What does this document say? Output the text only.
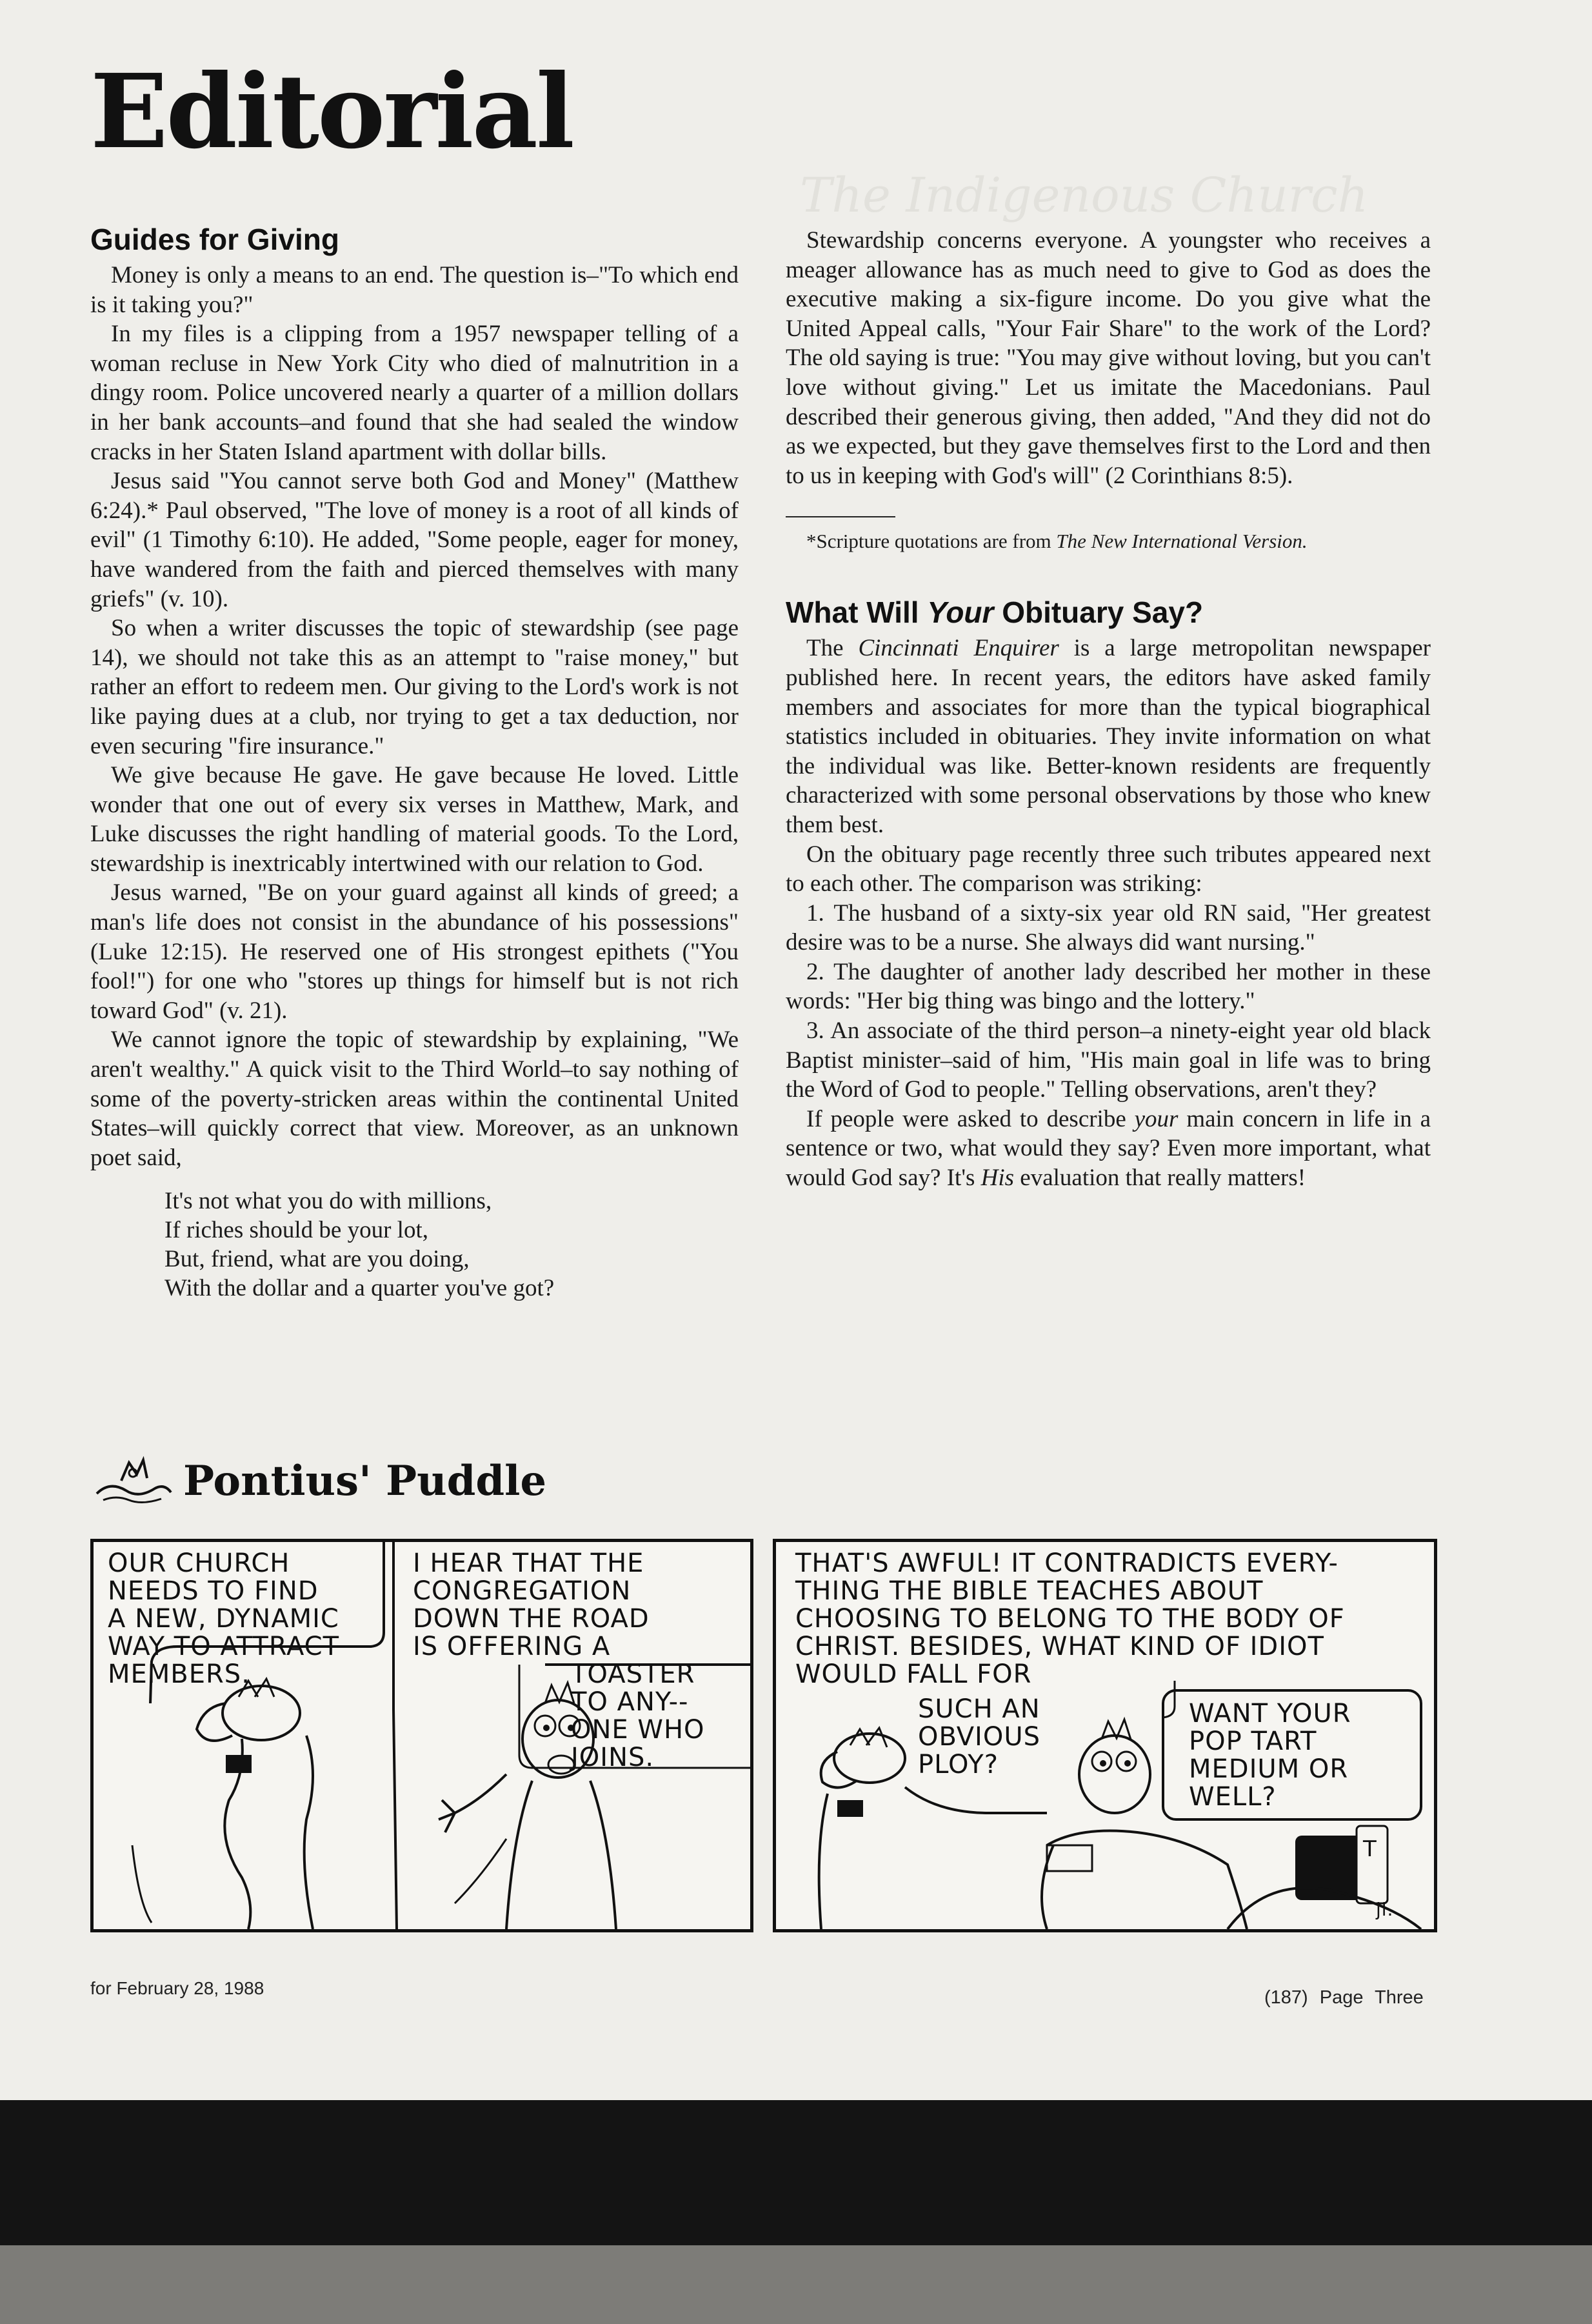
The Indigenous Church
Editorial
Guides for Giving

Money is only a means to an end. The question is–"To which end is it taking you?"

In my files is a clipping from a 1957 newspaper telling of a woman recluse in New York City who died of malnutrition in a dingy room. Police uncovered nearly a quarter of a million dollars in her bank accounts–and found that she had sealed the window cracks in her Staten Island apartment with dollar bills.

Jesus said "You cannot serve both God and Money" (Matthew 6:24).* Paul observed, "The love of money is a root of all kinds of evil" (1 Timothy 6:10). He added, "Some people, eager for money, have wandered from the faith and pierced themselves with many griefs" (v. 10).

So when a writer discusses the topic of stewardship (see page 14), we should not take this as an attempt to "raise money," but rather an effort to redeem men. Our giving to the Lord's work is not like paying dues at a club, nor trying to get a tax deduction, nor even securing "fire insurance."

We give because He gave. He gave because He loved. Little wonder that one out of every six verses in Matthew, Mark, and Luke discusses the right handling of material goods. To the Lord, stewardship is inextricably intertwined with our relation to God.

Jesus warned, "Be on your guard against all kinds of greed; a man's life does not consist in the abundance of his possessions" (Luke 12:15). He reserved one of His strongest epithets ("You fool!") for one who "stores up things for himself but is not rich toward God" (v. 21).

We cannot ignore the topic of stewardship by explaining, "We aren't wealthy." A quick visit to the Third World–to say nothing of some of the poverty-stricken areas within the continental United States–will quickly correct that view. Moreover, as an unknown poet said,

It's not what you do with millions,
If riches should be your lot,
But, friend, what are you doing,
With the dollar and a quarter you've got?

Stewardship concerns everyone. A youngster who receives a meager allowance has as much need to give to God as does the executive making a six-figure income. Do you give what the United Appeal calls, "Your Fair Share" to the work of the Lord? The old saying is true: "You may give without loving, but you can't love without giving." Let us imitate the Macedonians. Paul described their generous giving, then added, "And they did not do as we expected, but they gave themselves first to the Lord and then to us in keeping with God's will" (2 Corinthians 8:5).

*Scripture quotations are from The New International Version.

What Will Your Obituary Say?

The Cincinnati Enquirer is a large metropolitan newspaper published here. In recent years, the editors have asked family members and associates for more than the typical biographical statistics included in obituaries. They invite information on what the individual was like. Better-known residents are frequently characterized with some personal observations by those who knew them best.

On the obituary page recently three such tributes appeared next to each other. The comparison was striking:

1. The husband of a sixty-six year old RN said, "Her greatest desire was to be a nurse. She always did want nursing."

2. The daughter of another lady described her mother in these words: "Her big thing was bingo and the lottery."

3. An associate of the third person–a ninety-eight year old black Baptist minister–said of him, "His main goal in life was to bring the Word of God to people." Telling observations, aren't they?

If people were asked to describe your main concern in life in a sentence or two, what would they say? Even more important, what would God say? It's His evaluation that really matters!

Pontius' Puddle
OUR CHURCH
NEEDS TO FIND
A NEW, DYNAMIC
WAY TO ATTRACT
MEMBERS.
I HEAR THAT THE
CONGREGATION
DOWN THE ROAD
IS OFFERING A
TOASTER
TO ANY--
ONE WHO
JOINS.
THAT'S AWFUL! IT CONTRADICTS EVERY-
THING THE BIBLE TEACHES ABOUT
CHOOSING TO BELONG TO THE BODY OF
CHRIST. BESIDES, WHAT KIND OF IDIOT
WOULD FALL FOR
SUCH AN
OBVIOUS
PLOY?
WANT YOUR
POP TART
MEDIUM OR
WELL?
T
jl.
for February 28, 1988	(187) Page Three
